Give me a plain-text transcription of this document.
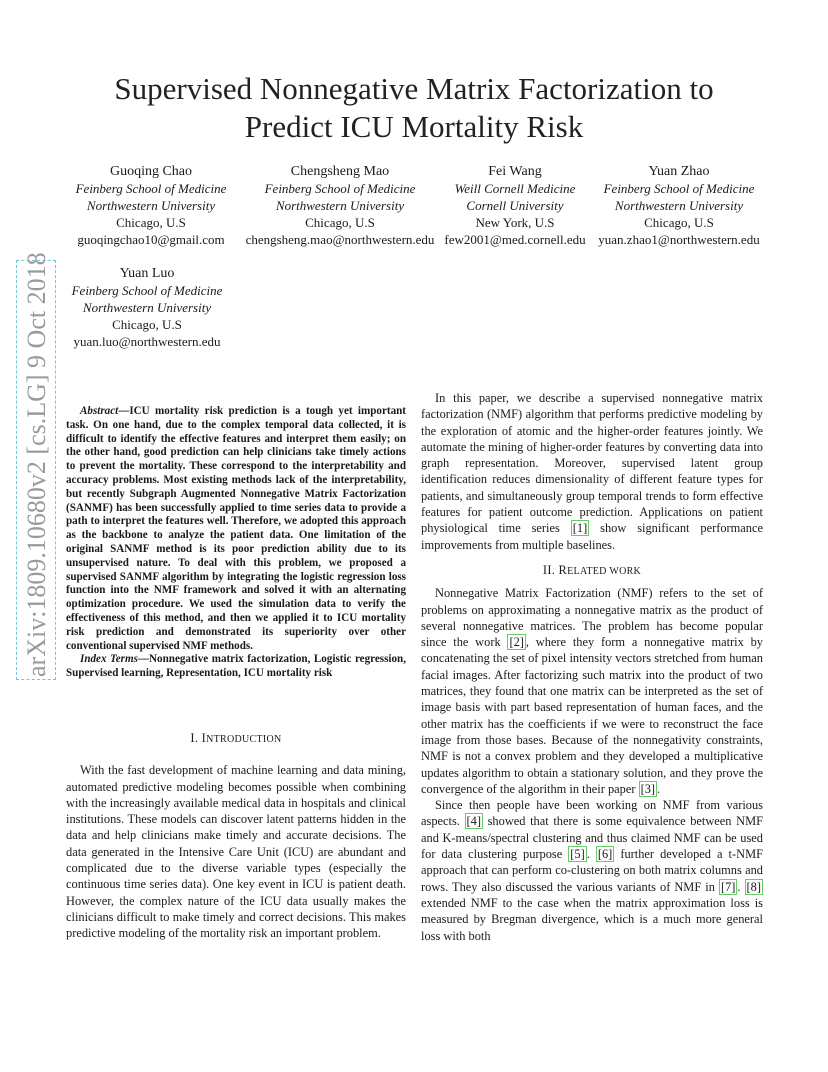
Supervised Nonnegative Matrix Factorization to
Predict ICU Mortality Risk
Guoqing Chao
Feinberg School of Medicine
Northwestern University
Chicago, U.S
guoqingchao10@gmail.com
Chengsheng Mao
Feinberg School of Medicine
Northwestern University
Chicago, U.S
chengsheng.mao@northwestern.edu
Fei Wang
Weill Cornell Medicine
Cornell University
New York, U.S
few2001@med.cornell.edu
Yuan Zhao
Feinberg School of Medicine
Northwestern University
Chicago, U.S
yuan.zhao1@northwestern.edu
Yuan Luo
Feinberg School of Medicine
Northwestern University
Chicago, U.S
yuan.luo@northwestern.edu
arXiv:1809.10680v2 [cs.LG] 9 Oct 2018	Abstract—ICU mortality risk prediction is a tough yet important task. On one hand, due to the complex temporal data collected, it is difficult to identify the effective features and interpret them easily; on the other hand, good prediction can help clinicians take timely actions to prevent the mortality. These correspond to the interpretability and accuracy problems. Most existing methods lack of the interpretability, but recently Subgraph Augmented Nonnegative Matrix Factorization (SANMF) has been successfully applied to time series data to provide a path to interpret the features well. Therefore, we adopted this approach as the backbone to analyze the patient data. One limitation of the original SANMF method is its poor prediction ability due to its unsupervised nature. To deal with this problem, we proposed a supervised SANMF algorithm by integrating the logistic regression loss function into the NMF framework and solved it with an alternating optimization procedure. We used the simulation data to verify the effectiveness of this method, and then we applied it to ICU mortality risk prediction and demonstrated its superiority over other conventional supervised NMF methods.

Index Terms—Nonnegative matrix factorization, Logistic regression, Supervised learning, Representation, ICU mortality risk

I. INTRODUCTION

With the fast development of machine learning and data mining, automated predictive modeling becomes possible when combining with the increasingly available medical data in hospitals and clinical institutions. These models can discover latent patterns hidden in the data and help clinicians make timely and accurate decisions. The data generated in the Intensive Care Unit (ICU) are abundant and complicated due to the diverse variable types (especially the continuous time series data). One key event in ICU is patient death. However, the complex nature of the ICU data usually makes the clinicians difficult to make timely and correct decisions. This makes predictive modeling of the mortality risk an important problem.

In this paper, we describe a supervised nonnegative matrix factorization (NMF) algorithm that performs predictive modeling by the exploration of atomic and the higher-order features jointly. We automate the mining of higher-order features by converting data into graph representation. Moreover, supervised latent group identification reduces dimensionality of different feature types for patients, and simultaneously group temporal trends to form effective features for patient outcome prediction. Applications on patient physiological time series [1] show significant performance improvements from multiple baselines.

II. RELATED WORK

Nonnegative Matrix Factorization (NMF) refers to the set of problems on approximating a nonnegative matrix as the product of several nonnegative matrices. The problem has become popular since the work [2] , where they form a nonnegative matrix by concatenating the set of pixel intensity vectors stretched from human facial images. After factorizing such matrix into the product of two matrices, they found that one matrix can be interpreted as the set of image basis with part based representation of human faces, and the other matrix has the coefficients if we were to reconstruct the face image from those bases. Because of the nonnegativity constraints, NMF is not a convex problem and they developed a multiplicative updates algorithm to obtain a stationary solution, and they prove the convergence of the algorithm in their paper [3] .

Since then people have been working on NMF from various aspects. [4] showed that there is some equivalence between NMF and K-means/spectral clustering and thus claimed NMF can be used for data clustering purpose [5] . [6] further developed a t-NMF approach that can perform co-clustering on both matrix columns and rows. They also discussed the various variants of NMF in [7] . [8] extended NMF to the case when the matrix approximation loss is measured by Bregman divergence, which is a much more general loss with both
